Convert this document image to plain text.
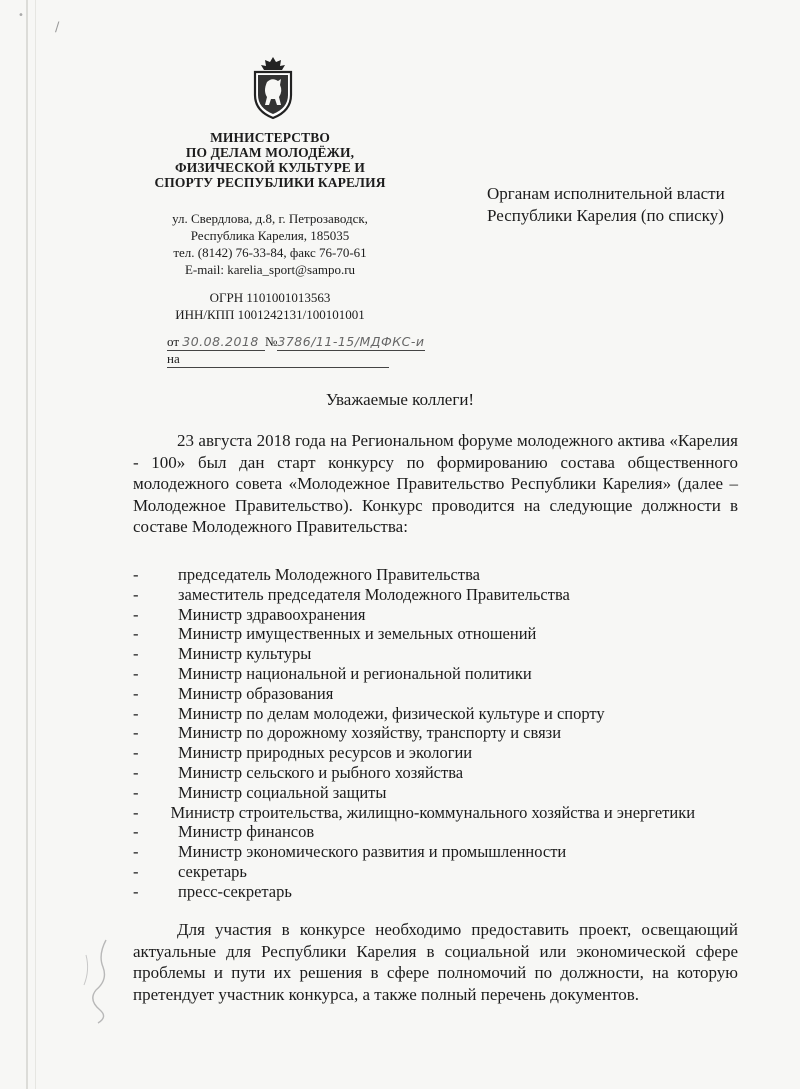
•
∕
МИНИСТЕРСТВО
ПО ДЕЛАМ МОЛОДЁЖИ,
ФИЗИЧЕСКОЙ КУЛЬТУРЕ И
СПОРТУ РЕСПУБЛИКИ КАРЕЛИЯ
ул. Свердлова, д.8, г. Петрозаводск,
Республика Карелия, 185035
тел. (8142) 76-33-84, факс 76-70-61
E-mail: karelia_sport@sampo.ru
ОГРН 1101001013563
ИНН/КПП 1001242131/100101001
от 30.08.2018 №3786/11-15/МДФКС-и
на
Органам исполнительной власти
Республики Карелия (по списку)
Уважаемые коллеги!
23 августа 2018 года на Региональном форуме молодежного актива «Карелия - 100» был дан старт конкурсу по формированию состава общественного молодежного совета «Молодежное Правительство Республики Карелия» (далее – Молодежное Правительство). Конкурс проводится на следующие должности в составе Молодежного Правительства:
- председатель Молодежного Правительства
- заместитель председателя Молодежного Правительства
- Министр здравоохранения
- Министр имущественных и земельных отношений
- Министр культуры
- Министр национальной и региональной политики
- Министр образования
- Министр по делам молодежи, физической культуре и спорту
- Министр по дорожному хозяйству, транспорту и связи
- Министр природных ресурсов и экологии
- Министр сельского и рыбного хозяйства
- Министр социальной защиты
- Министр строительства, жилищно-коммунального хозяйства и энергетики
- Министр финансов
- Министр экономического развития и промышленности
- секретарь
- пресс-секретарь
Для участия в конкурсе необходимо предоставить проект, освещающий актуальные для Республики Карелия в социальной или экономической сфере проблемы и пути их решения в сфере полномочий по должности, на которую претендует участник конкурса, а также полный перечень документов.
